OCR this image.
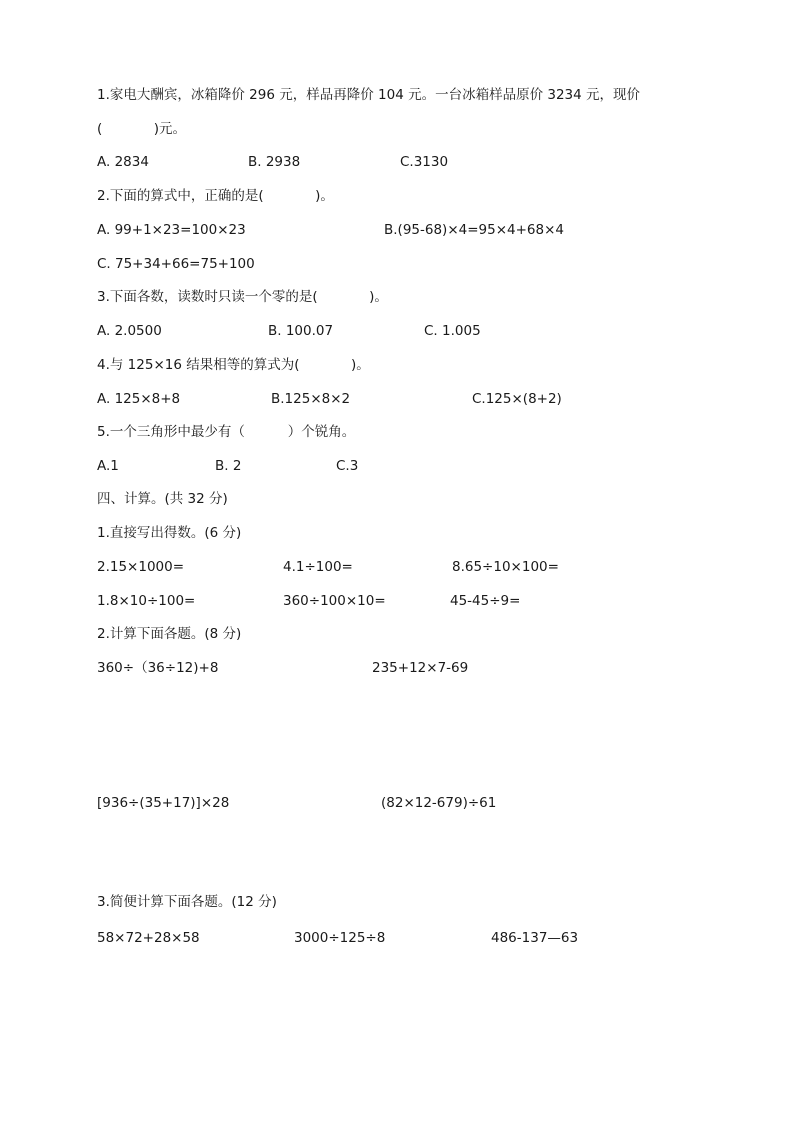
1.家电大酬宾，冰箱降价 296 元，样品再降价 104 元。一台冰箱样品原价 3234 元，现价
(            )元。
A. 2834	B. 2938	C.3130
2.下面的算式中，正确的是(            )。
A. 99+1×23=100×23	B.(95-68)×4=95×4+68×4
C. 75+34+66=75+100
3.下面各数，读数时只读一个零的是(            )。
A. 2.0500	B. 100.07	C. 1.005
4.与 125×16 结果相等的算式为(            )。
A. 125×8+8	B.125×8×2	C.125×(8+2)
5.一个三角形中最少有（          ）个锐角。
A.1	B. 2	C.3
四、计算。(共 32 分)
1.直接写出得数。(6 分)
2.15×1000=	4.1÷100=	8.65÷10×100=
1.8×10÷100=	360÷100×10=	45-45÷9=
2.计算下面各题。(8 分)
360÷（36÷12)+8	235+12×7-69
[936÷(35+17)]×28	(82×12-679)÷61
3.简便计算下面各题。(12 分)
58×72+28×58	3000÷125÷8	486-137—63
